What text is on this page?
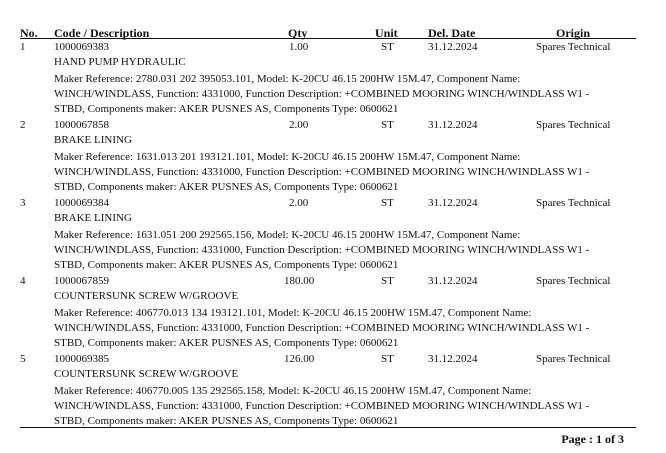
No. Code / Description	Qty	Unit	Del. Date	Origin
1	1000069383	1.00	ST	31.12.2024	Spares Technical
HAND PUMP HYDRAULIC
Maker Reference: 2780.031 202 395053.101, Model: K-20CU 46.15 200HW 15M.47, Component Name:
WINCH/WINDLASS, Function: 4331000, Function Description: +COMBINED MOORING WINCH/WINDLASS W1 -
STBD, Components maker: AKER PUSNES AS, Components Type: 0600621
2	1000067858	2.00	ST	31.12.2024	Spares Technical
BRAKE LINING
Maker Reference: 1631.013 201 193121.101, Model: K-20CU 46.15 200HW 15M.47, Component Name:
WINCH/WINDLASS, Function: 4331000, Function Description: +COMBINED MOORING WINCH/WINDLASS W1 -
STBD, Components maker: AKER PUSNES AS, Components Type: 0600621
3	1000069384	2.00	ST	31.12.2024	Spares Technical
BRAKE LINING
Maker Reference: 1631.051 200 292565.156, Model: K-20CU 46.15 200HW 15M.47, Component Name:
WINCH/WINDLASS, Function: 4331000, Function Description: +COMBINED MOORING WINCH/WINDLASS W1 -
STBD, Components maker: AKER PUSNES AS, Components Type: 0600621
4	1000067859	180.00	ST	31.12.2024	Spares Technical
COUNTERSUNK SCREW W/GROOVE
Maker Reference: 406770.013 134 193121.101, Model: K-20CU 46.15 200HW 15M.47, Component Name:
WINCH/WINDLASS, Function: 4331000, Function Description: +COMBINED MOORING WINCH/WINDLASS W1 -
STBD, Components maker: AKER PUSNES AS, Components Type: 0600621
5	1000069385	126.00	ST	31.12.2024	Spares Technical
COUNTERSUNK SCREW W/GROOVE
Maker Reference: 406770.005 135 292565.158, Model: K-20CU 46.15 200HW 15M.47, Component Name:
WINCH/WINDLASS, Function: 4331000, Function Description: +COMBINED MOORING WINCH/WINDLASS W1 -
STBD, Components maker: AKER PUSNES AS, Components Type: 0600621
Page : 1 of 3
